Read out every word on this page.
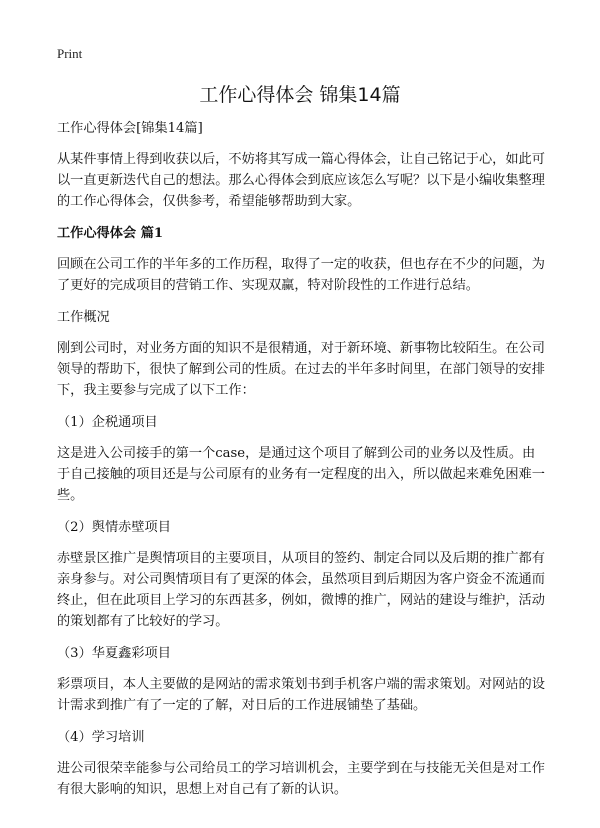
Print
工作心得体会 锦集14篇

工作心得体会[锦集14篇]

从某件事情上得到收获以后，不妨将其写成一篇心得体会，让自己铭记于心，如此可以一直更新迭代自己的想法。那么心得体会到底应该怎么写呢？以下是小编收集整理的工作心得体会，仅供参考，希望能够帮助到大家。

工作心得体会 篇1

回顾在公司工作的半年多的工作历程，取得了一定的收获，但也存在不少的问题，为了更好的完成项目的营销工作、实现双赢，特对阶段性的工作进行总结。

工作概况

刚到公司时，对业务方面的知识不是很精通，对于新环境、新事物比较陌生。在公司领导的帮助下，很快了解到公司的性质。在过去的半年多时间里，在部门领导的安排下，我主要参与完成了以下工作：

（1）企税通项目

这是进入公司接手的第一个case，是通过这个项目了解到公司的业务以及性质。由于自己接触的项目还是与公司原有的业务有一定程度的出入，所以做起来难免困难一些。

（2）舆情赤壁项目

赤壁景区推广是舆情项目的主要项目，从项目的签约、制定合同以及后期的推广都有亲身参与。对公司舆情项目有了更深的体会，虽然项目到后期因为客户资金不流通而终止，但在此项目上学习的东西甚多，例如，微博的推广，网站的建设与维护，活动的策划都有了比较好的学习。

（3）华夏鑫彩项目

彩票项目，本人主要做的是网站的需求策划书到手机客户端的需求策划。对网站的设计需求到推广有了一定的了解，对日后的工作进展铺垫了基础。

（4）学习培训

进公司很荣幸能参与公司给员工的学习培训机会，主要学到在与技能无关但是对工作有很大影响的知识，思想上对自己有了新的认识。
